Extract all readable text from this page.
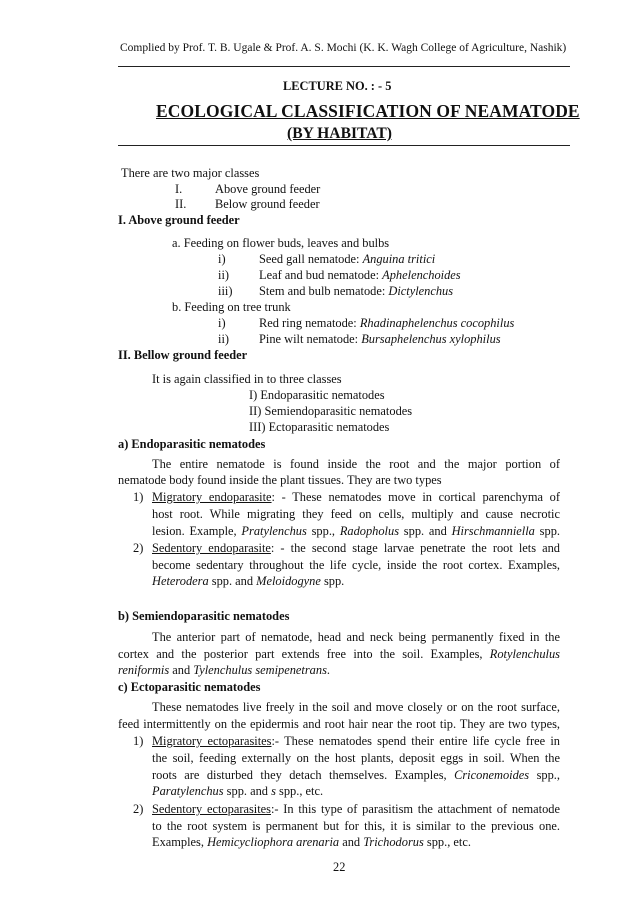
Complied by Prof. T. B. Ugale & Prof. A. S. Mochi (K. K. Wagh College of Agriculture, Nashik)
LECTURE NO. : - 5
ECOLOGICAL CLASSIFICATION OF NEAMATODE
(BY HABITAT)
There are two major classes
I.	Above ground feeder
II. Below ground feeder
I. Above ground feeder
a. Feeding on flower buds, leaves and bulbs
i)	Seed gall nematode: Anguina tritici
ii) Leaf and bud nematode: Aphelenchoides
iii) Stem and bulb nematode: Dictylenchus
b. Feeding on tree trunk
i)	Red ring nematode: Rhadinaphelenchus cocophilus
ii) Pine wilt nematode: Bursaphelenchus xylophilus
II. Bellow ground feeder
It is again classified in to three classes
I) Endoparasitic nematodes
II) Semiendoparasitic nematodes
III) Ectoparasitic nematodes
a) Endoparasitic nematodes
The entire nematode is found inside the root and the major portion of
nematode body found inside the plant tissues. They are two types
1) Migratory endoparasite: - These nematodes move in cortical parenchyma of
host root. While migrating they feed on cells, multiply and cause necrotic
lesion. Example, Pratylenchus spp., Radopholus spp. and Hirschmanniella spp.
2) Sedentory endoparasite: - the second stage larvae penetrate the root lets and
become sedentary throughout the life cycle, inside the root cortex. Examples,
Heterodera spp. and Meloidogyne spp.
b) Semiendoparasitic nematodes
The anterior part of nematode, head and neck being permanently fixed in the
cortex and the posterior part extends free into the soil. Examples, Rotylenchulus
reniformis and Tylenchulus semipenetrans.
c) Ectoparasitic nematodes
These nematodes live freely in the soil and move closely or on the root surface,
feed intermittently on the epidermis and root hair near the root tip. They are two types,
1) Migratory ectoparasites:- These nematodes spend their entire life cycle free in
the soil, feeding externally on the host plants, deposit eggs in soil. When the
roots are disturbed they detach themselves. Examples, Criconemoides spp.,
Paratylenchus spp. and s spp., etc.
2) Sedentory ectoparasites:- In this type of parasitism the attachment of nematode
to the root system is permanent but for this, it is similar to the previous one.
Examples, Hemicycliophora arenaria and Trichodorus spp., etc.
22
